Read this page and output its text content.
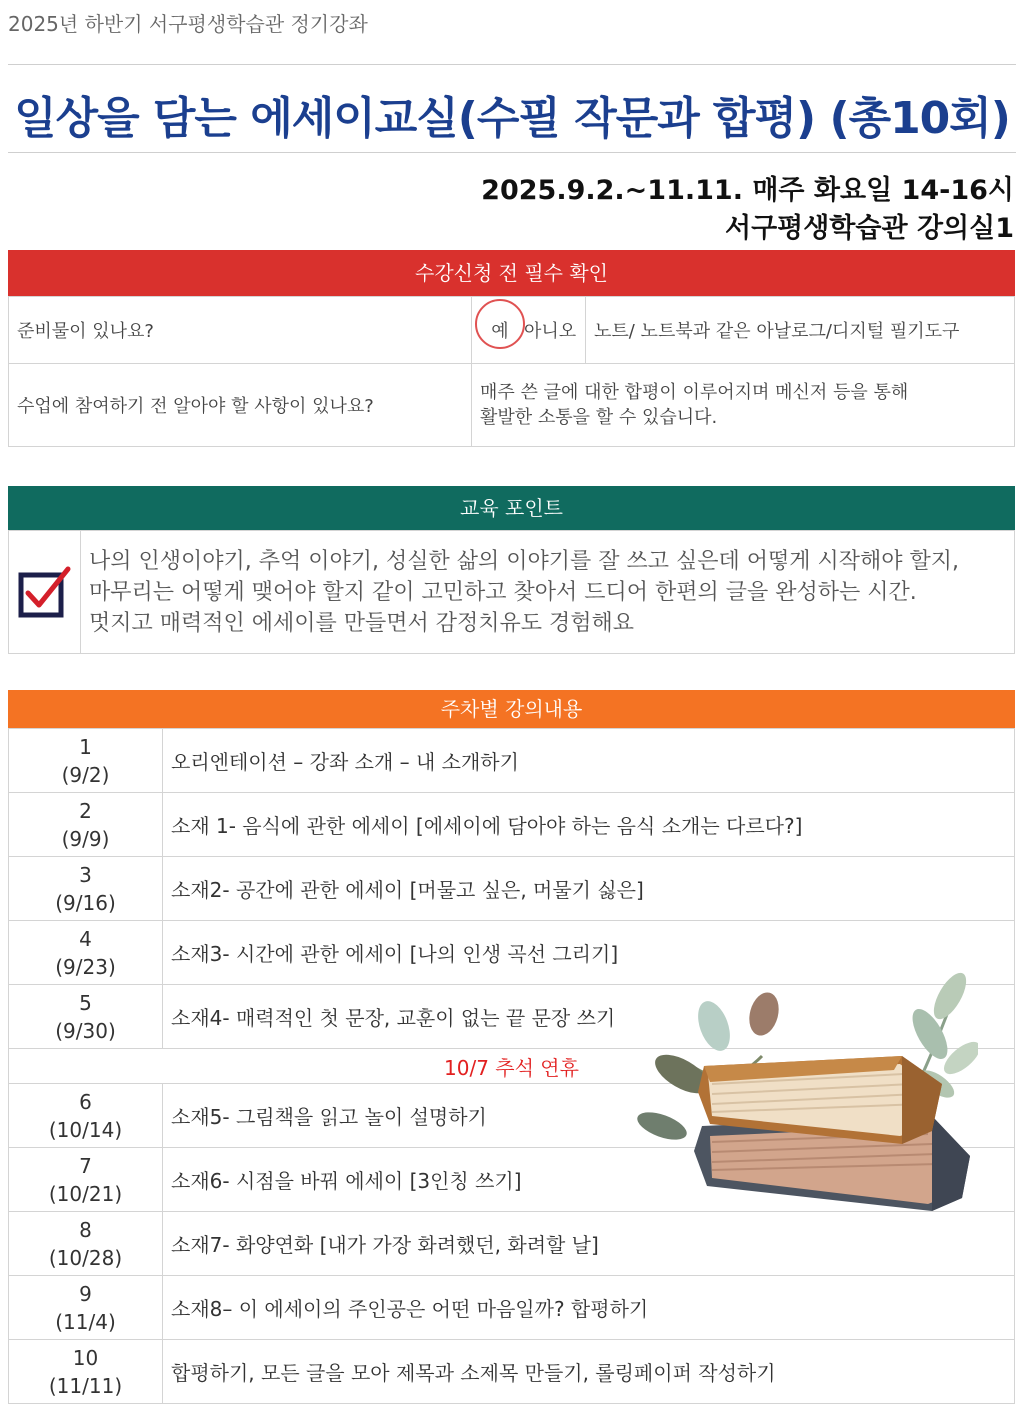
2025년 하반기 서구평생학습관 정기강좌
일상을 담는 에세이교실(수필 작문과 합평) (총10회)
2025.9.2.~11.11. 매주 화요일 14-16시
서구평생학습관 강의실1
수강신청 전 필수 확인
준비물이 있나요?	예 아니오	노트/ 노트북과 같은 아날로그/디지털 필기도구
수업에 참여하기 전 알아야 할 사항이 있나요?	매주 쓴 글에 대한 합평이 이루어지며 메신저 등을 통해
활발한 소통을 할 수 있습니다.	
교육 포인트

나의 인생이야기, 추억 이야기, 성실한 삶의 이야기를 잘 쓰고 싶은데 어떻게 시작해야 할지,
마무리는 어떻게 맺어야 할지 같이 고민하고 찾아서 드디어 한편의 글을 완성하는 시간.
멋지고 매력적인 에세이를 만들면서 감정치유도 경험해요
주차별 강의내용
1
(9/2)	오리엔테이션 – 강좌 소개 – 내 소개하기

2
(9/9)	소재 1- 음식에 관한 에세이 [에세이에 담아야 하는 음식 소개는 다르다?]

3
(9/16)	소재2- 공간에 관한 에세이 [머물고 싶은, 머물기 싫은]

4
(9/23)	소재3- 시간에 관한 에세이 [나의 인생 곡선 그리기]

5
(9/30)	소재4- 매력적인 첫 문장, 교훈이 없는 끝 문장 쓰기
10/7 추석 연휴	

6
(10/14)	소재5- 그림책을 읽고 놀이 설명하기

7
(10/21)	소재6- 시점을 바꿔 에세이 [3인칭 쓰기]

8
(10/28)	소재7- 화양연화 [내가 가장 화려했던, 화려할 날]

9
(11/4)	소재8– 이 에세이의 주인공은 어떤 마음일까? 합평하기

10
(11/11)	합평하기, 모든 글을 모아 제목과 소제목 만들기, 롤링페이퍼 작성하기
